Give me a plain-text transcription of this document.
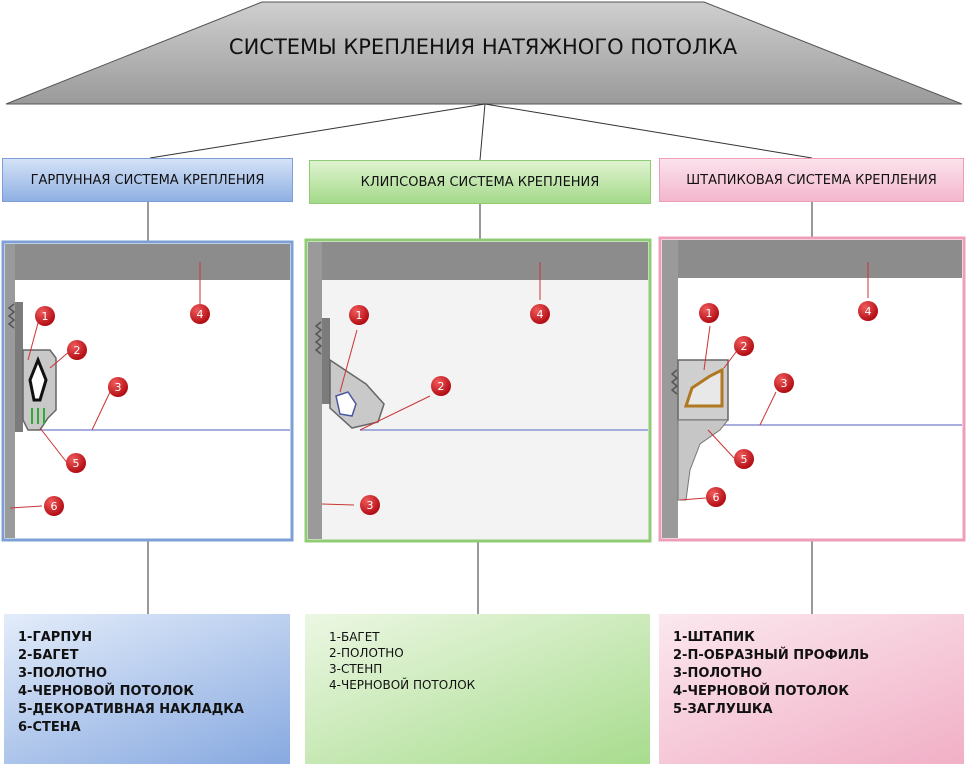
СИСТЕМЫ КРЕПЛЕНИЯ НАТЯЖНОГО ПОТОЛКА
4
1
2
3
5
6
1	4
2
3
1
2
4
3
5
6
ГАРПУННАЯ СИСТЕМА КРЕПЛЕНИЯ	КЛИПСОВАЯ СИСТЕМА КРЕПЛЕНИЯ	ШТАПИКОВАЯ СИСТЕМА КРЕПЛЕНИЯ
1-ГАРПУН
2-БАГЕТ
3-ПОЛОТНО
4-ЧЕРНОВОЙ ПОТОЛОК
5-ДЕКОРАТИВНАЯ НАКЛАДКА
6-СТЕНА
1-БАГЕТ
2-ПОЛОТНО
3-СТЕНП
4-ЧЕРНОВОЙ ПОТОЛОК
1-ШТАПИК
2-П-ОБРАЗНЫЙ ПРОФИЛЬ
3-ПОЛОТНО
4-ЧЕРНОВОЙ ПОТОЛОК
5-ЗАГЛУШКА
